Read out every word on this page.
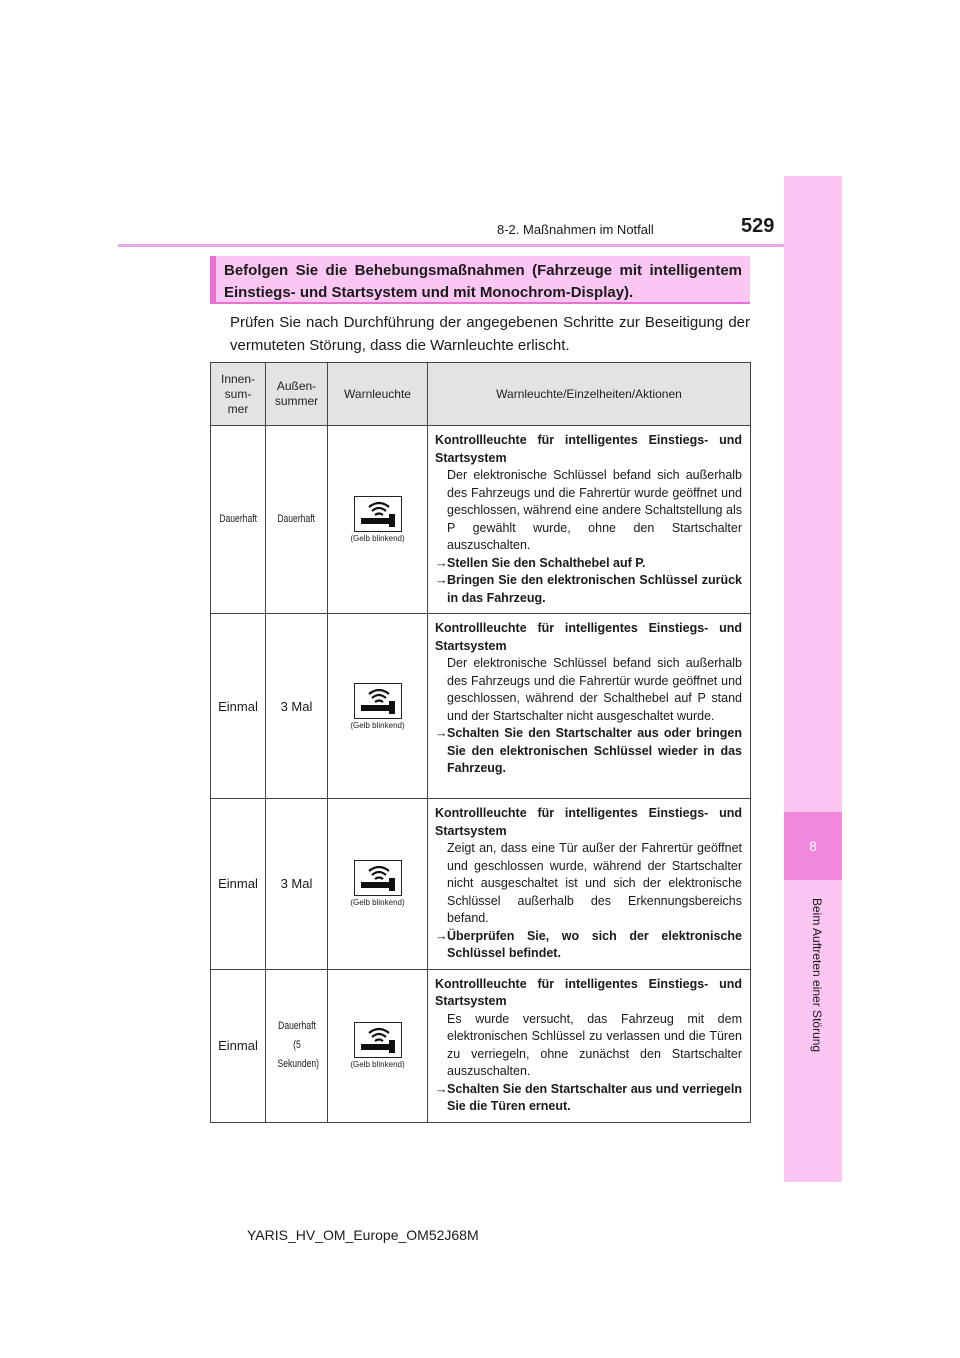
8-2. Maßnahmen im Notfall	529
8
Beim Auftreten einer Störung
Befolgen Sie die Behebungsmaßnahmen (Fahrzeuge mit intelligentem Einstiegs- und Startsystem und mit Monochrom-Display).
Prüfen Sie nach Durchführung der angegebenen Schritte zur Beseitigung der vermuteten Störung, dass die Warnleuchte erlischt.
Innen- sum- mer	Außen- summer	Warnleuchte	Warnleuchte/Einzelheiten/Aktionen
Dauerhaft	Dauerhaft	(Gelb blinkend)	Kontrollleuchte für intelligentes Einstiegs- und Startsystem
Der elektronische Schlüssel befand sich außerhalb des Fahrzeugs und die Fahrertür wurde geöffnet und geschlossen, während eine andere Schaltstellung als P gewählt wurde, ohne den Startschalter auszuschalten.
→Stellen Sie den Schalthebel auf P.
→Bringen Sie den elektronischen Schlüssel zurück in das Fahrzeug.

Einmal	3 Mal	(Gelb blinkend)	Kontrollleuchte für intelligentes Einstiegs- und Startsystem
Der elektronische Schlüssel befand sich außerhalb des Fahrzeugs und die Fahrertür wurde geöffnet und geschlossen, während der Schalthebel auf P stand und der Startschalter nicht ausgeschaltet wurde.
→Schalten Sie den Startschalter aus oder bringen Sie den elektronischen Schlüssel wieder in das Fahrzeug.

Einmal	3 Mal	(Gelb blinkend)	Kontrollleuchte für intelligentes Einstiegs- und Startsystem
Zeigt an, dass eine Tür außer der Fahrertür geöffnet und geschlossen wurde, während der Startschalter nicht ausgeschaltet ist und sich der elektronische Schlüssel außerhalb des Erkennungsbereichs befand.
→Überprüfen Sie, wo sich der elektronische Schlüssel befindet.

Einmal	Dauerhaft (5 Sekunden)	(Gelb blinkend)	Kontrollleuchte für intelligentes Einstiegs- und Startsystem
Es wurde versucht, das Fahrzeug mit dem elektronischen Schlüssel zu verlassen und die Türen zu verriegeln, ohne zunächst den Startschalter auszuschalten.
→Schalten Sie den Startschalter aus und verriegeln Sie die Türen erneut.
YARIS_HV_OM_Europe_OM52J68M
